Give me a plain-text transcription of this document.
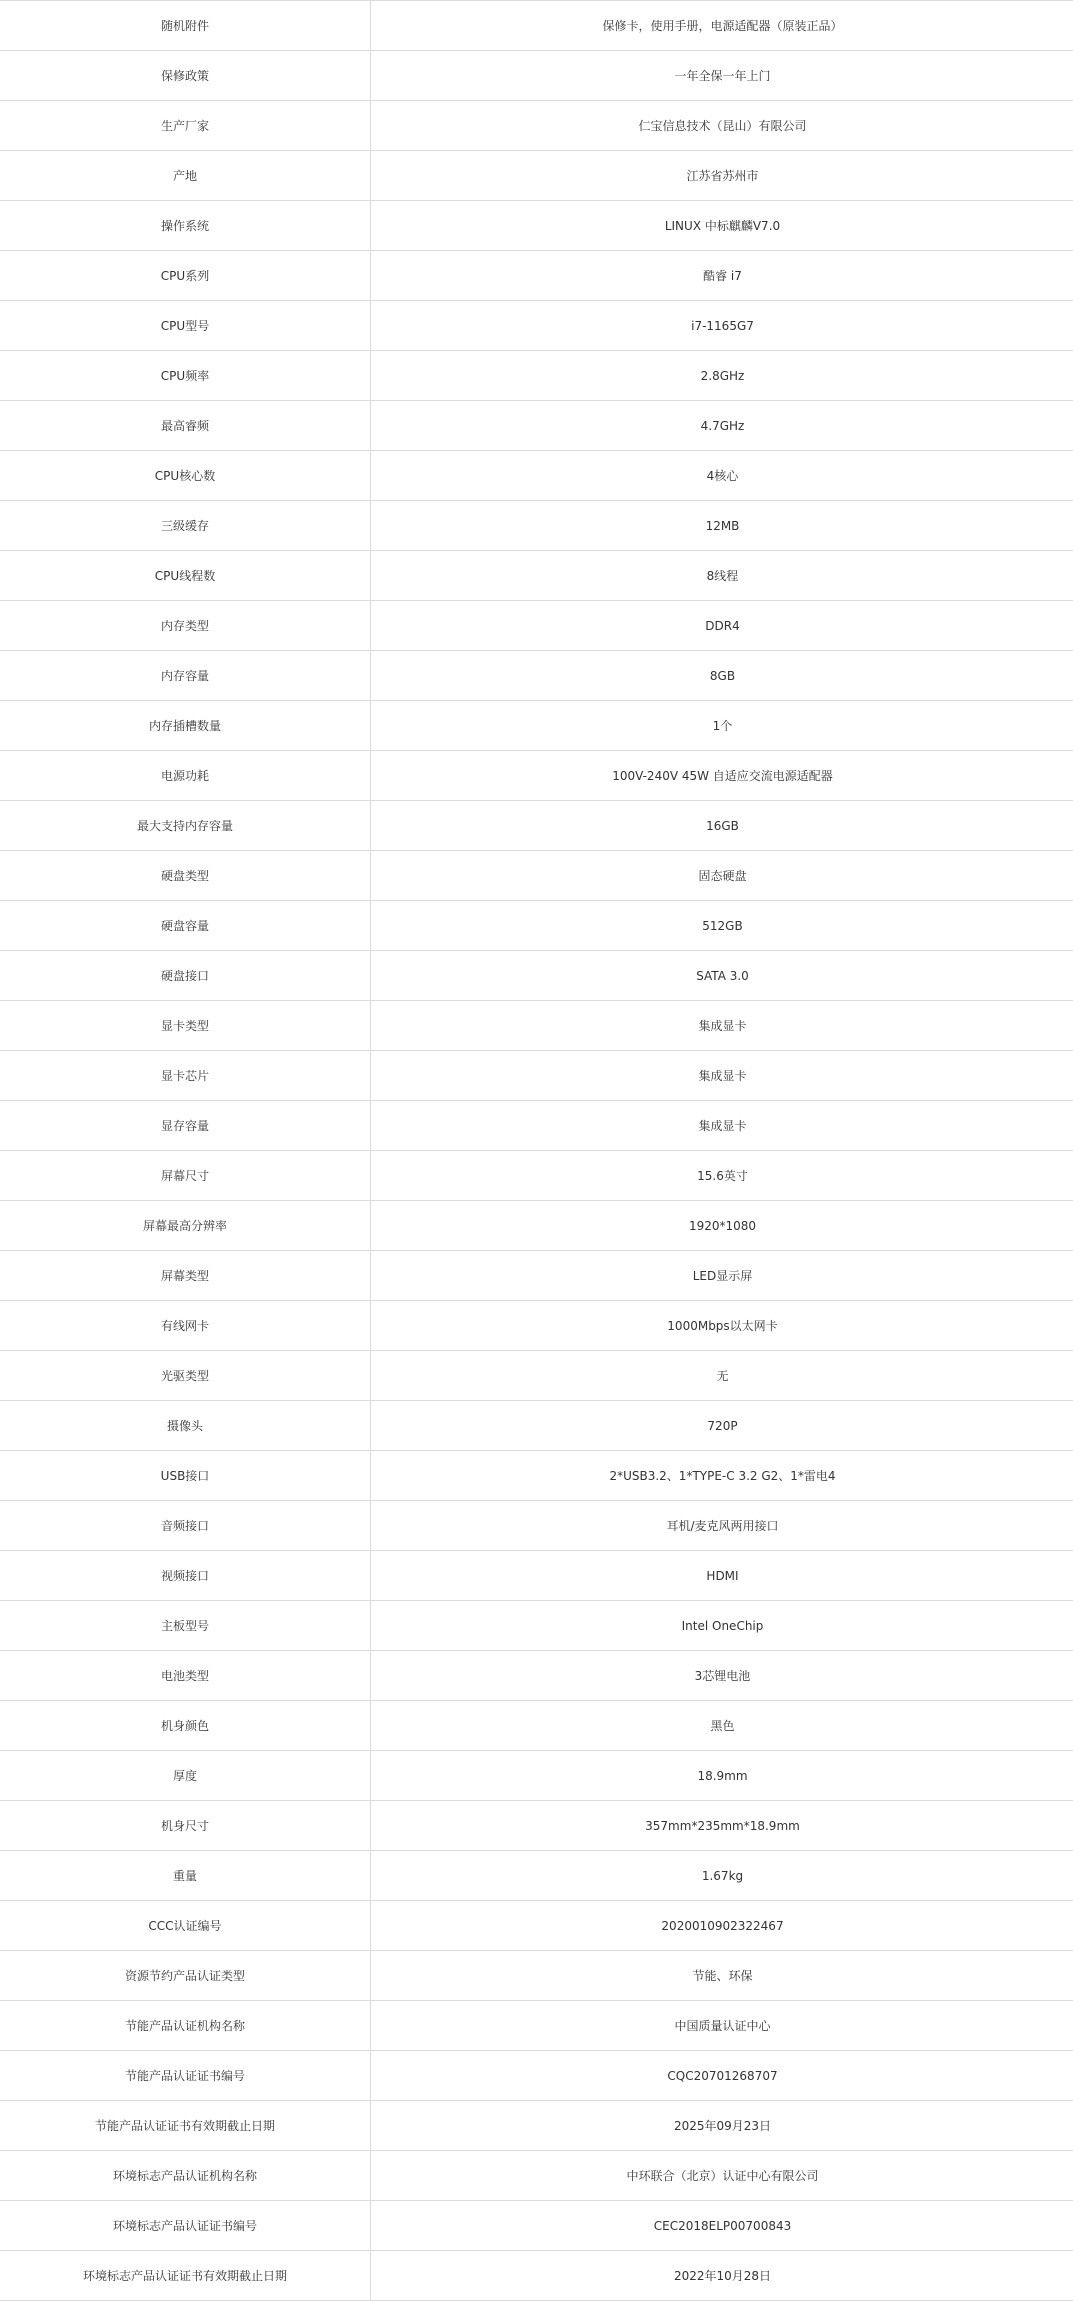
随机附件	保修卡，使用手册，电源适配器（原装正品）
保修政策	一年全保一年上门
生产厂家	仁宝信息技术（昆山）有限公司
产地	江苏省苏州市
操作系统	LINUX 中标麒麟V7.0
CPU系列	酷睿 i7
CPU型号	i7-1165G7
CPU频率	2.8GHz
最高睿频	4.7GHz
CPU核心数	4核心
三级缓存	12MB
CPU线程数	8线程
内存类型	DDR4
内存容量	8GB
内存插槽数量	1个
电源功耗	100V-240V 45W 自适应交流电源适配器
最大支持内存容量	16GB
硬盘类型	固态硬盘
硬盘容量	512GB
硬盘接口	SATA 3.0
显卡类型	集成显卡
显卡芯片	集成显卡
显存容量	集成显卡
屏幕尺寸	15.6英寸
屏幕最高分辨率	1920*1080
屏幕类型	LED显示屏
有线网卡	1000Mbps以太网卡
光驱类型	无
摄像头	720P
USB接口	2*USB3.2、1*TYPE-C 3.2 G2、1*雷电4
音频接口	耳机/麦克风两用接口
视频接口	HDMI
主板型号	Intel OneChip
电池类型	3芯锂电池
机身颜色	黑色
厚度	18.9mm
机身尺寸	357mm*235mm*18.9mm
重量	1.67kg
CCC认证编号	2020010902322467
资源节约产品认证类型	节能、环保
节能产品认证机构名称	中国质量认证中心
节能产品认证证书编号	CQC20701268707
节能产品认证证书有效期截止日期	2025年09月23日
环境标志产品认证机构名称	中环联合（北京）认证中心有限公司
环境标志产品认证证书编号	CEC2018ELP00700843
环境标志产品认证证书有效期截止日期	2022年10月28日
